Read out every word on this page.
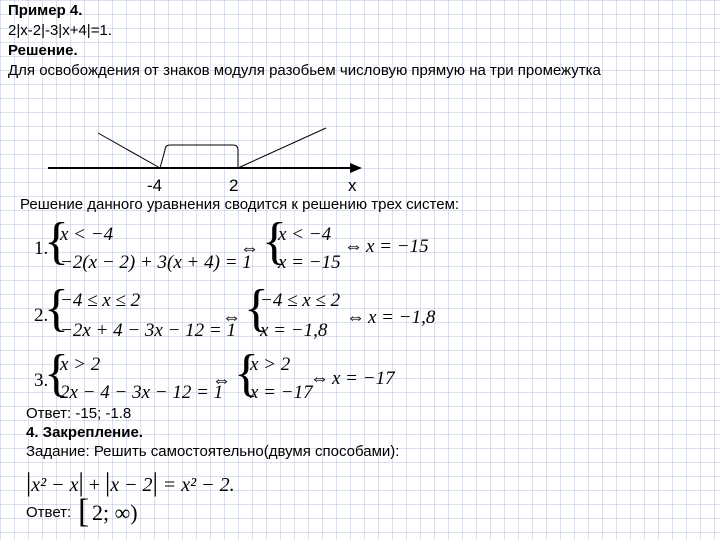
Пример 4.
2|x-2|-3|x+4|=1.
Решение.
Для освобождения от знаков модуля разобьем числовую прямую на три промежутка
-4	2	x
Решение данного уравнения сводится к решению трех систем:
1.
{
x < −4
−2(x − 2) + 3(x + 4) = 1
⇔ {
x < −4
x = −15
⇔ x = −15
2.
{
−4 ≤ x ≤ 2
−2x + 4 − 3x − 12 = 1
⇔ {
−4 ≤ x ≤ 2
x = −1,8
⇔ x = −1,8
3.
{
x > 2
2x − 4 − 3x − 12 = 1
⇔ {
x > 2
x = −17
⇔ x = −17
Ответ: -15; -1.8
4. Закрепление.
Задание: Решить самостоятельно(двумя способами):
|x² − x| + |x − 2| = x² − 2.
Ответ: [ 2; ∞)
